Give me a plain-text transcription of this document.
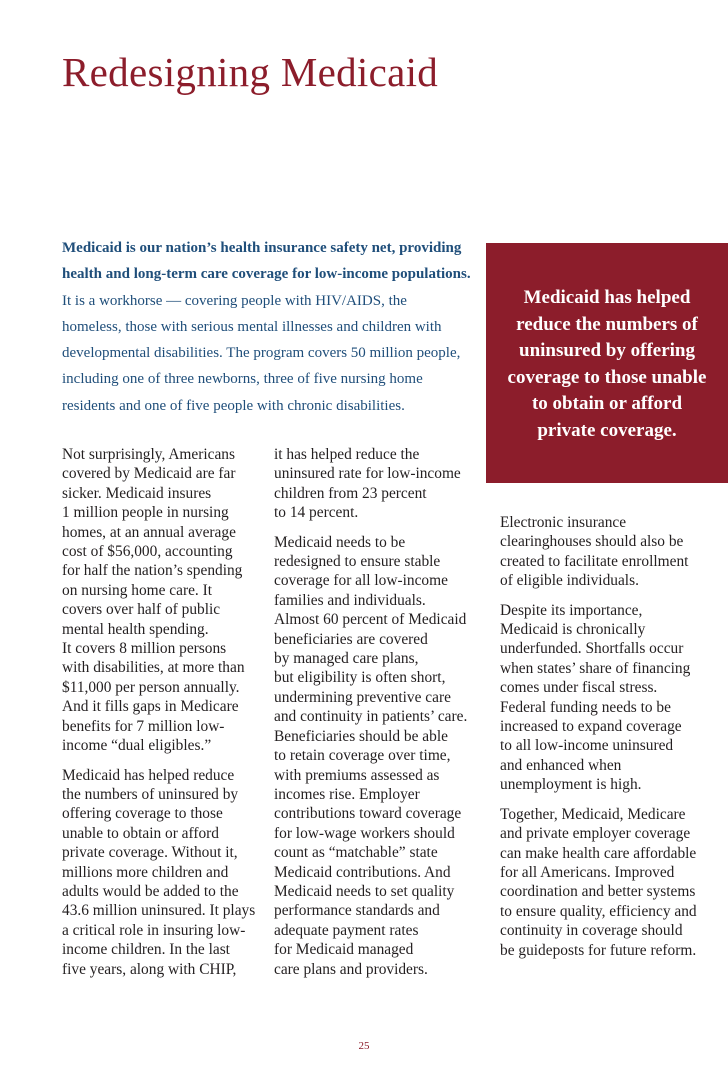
Redesigning Medicaid
Medicaid is our nation’s health insurance safety net, providing
health and long-term care coverage for low-income populations.
It is a workhorse — covering people with HIV/AIDS, the
homeless, those with serious mental illnesses and children with
developmental disabilities. The program covers 50 million people,
including one of three newborns, three of five nursing home
residents and one of five people with chronic disabilities.
Medicaid has helped
reduce the numbers of
uninsured by offering
coverage to those unable
to obtain or afford
private coverage.

Not surprisingly, Americans
covered by Medicaid are far
sicker. Medicaid insures
1 million people in nursing
homes, at an annual average
cost of $56,000, accounting
for half the nation’s spending
on nursing home care. It
covers over half of public
mental health spending.
It covers 8 million persons
with disabilities, at more than
$11,000 per person annually.
And it fills gaps in Medicare
benefits for 7 million low-
income “dual eligibles.”

Medicaid has helped reduce
the numbers of uninsured by
offering coverage to those
unable to obtain or afford
private coverage. Without it,
millions more children and
adults would be added to the
43.6 million uninsured. It plays
a critical role in insuring low-
income children. In the last
five years, along with CHIP,

it has helped reduce the
uninsured rate for low-income
children from 23 percent
to 14 percent.

Medicaid needs to be
redesigned to ensure stable
coverage for all low-income
families and individuals.
Almost 60 percent of Medicaid
beneficiaries are covered
by managed care plans,
but eligibility is often short,
undermining preventive care
and continuity in patients’ care.
Beneficiaries should be able
to retain coverage over time,
with premiums assessed as
incomes rise. Employer
contributions toward coverage
for low-wage workers should
count as “matchable” state
Medicaid contributions. And
Medicaid needs to set quality
performance standards and
adequate payment rates
for Medicaid managed
care plans and providers.

Electronic insurance
clearinghouses should also be
created to facilitate enrollment
of eligible individuals.

Despite its importance,
Medicaid is chronically
underfunded. Shortfalls occur
when states’ share of financing
comes under fiscal stress.
Federal funding needs to be
increased to expand coverage
to all low-income uninsured
and enhanced when
unemployment is high.

Together, Medicaid, Medicare
and private employer coverage
can make health care affordable
for all Americans. Improved
coordination and better systems
to ensure quality, efficiency and
continuity in coverage should
be guideposts for future reform.

25
